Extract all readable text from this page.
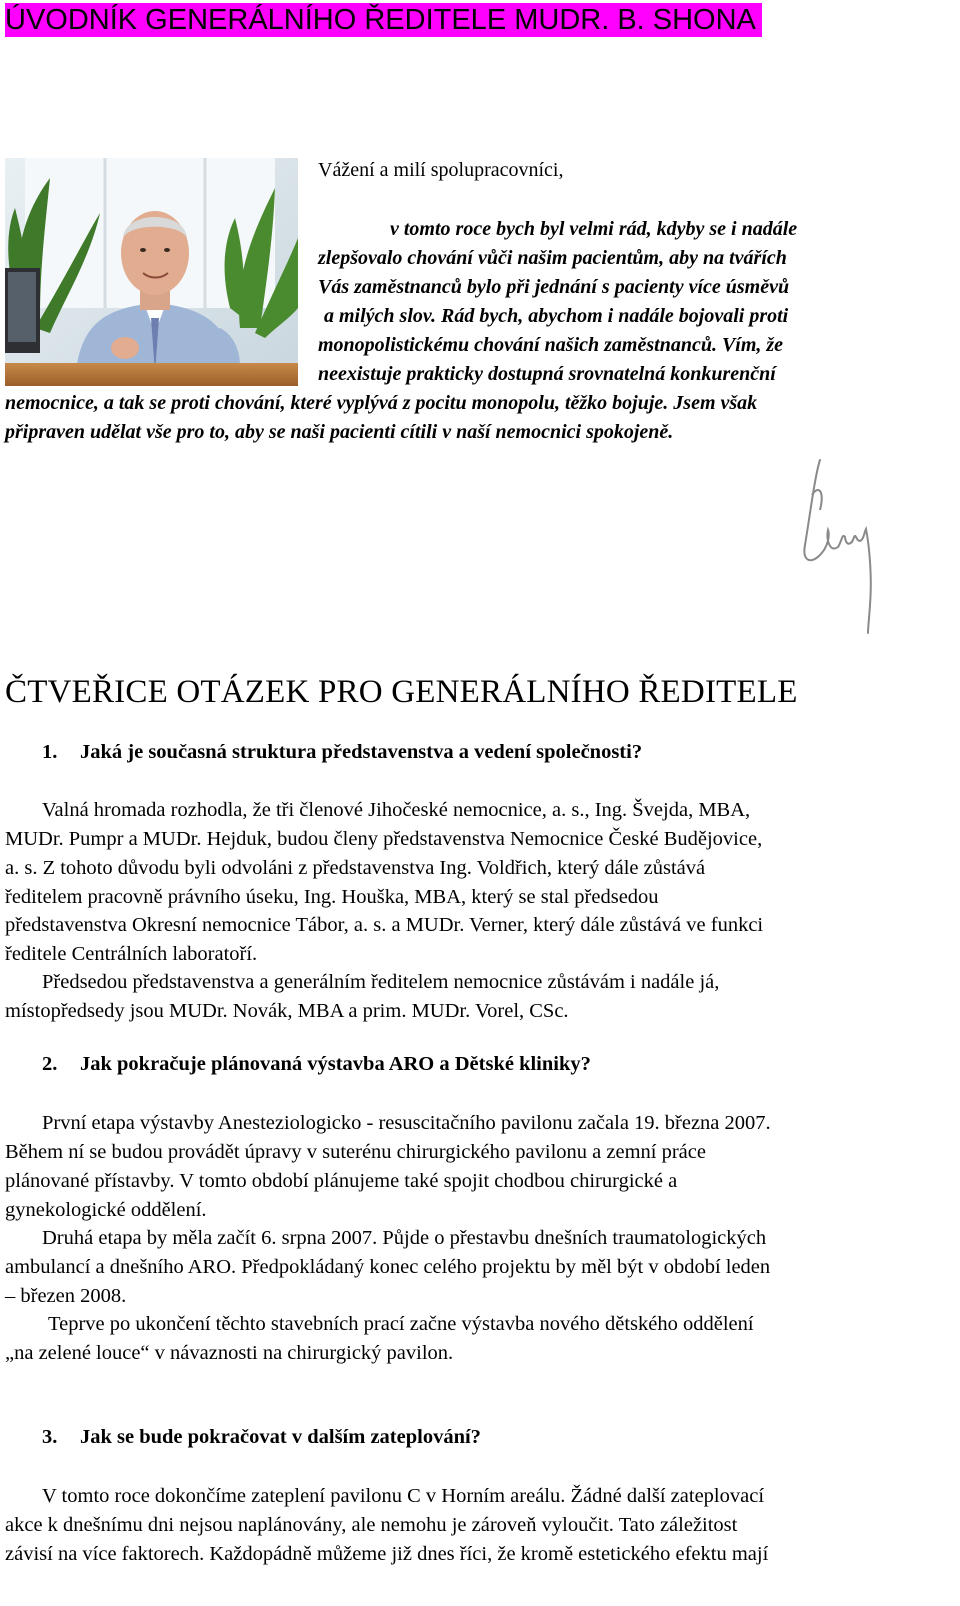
ÚVODNÍK GENERÁLNÍHO ŘEDITELE MUDR. B. SHONA
Vážení a milí spolupracovníci,
v tomto roce bych byl velmi rád, kdyby se i nadále
zlepšovalo chování vůči našim pacientům, aby na tvářích
Vás zaměstnanců bylo při jednání s pacienty více úsměvů
a milých slov. Rád bych, abychom i nadále bojovali proti
monopolistickému chování našich zaměstnanců. Vím, že
neexistuje prakticky dostupná srovnatelná konkurenční
nemocnice, a tak se proti chování, které vyplývá z pocitu monopolu, těžko bojuje. Jsem však
připraven udělat vše pro to, aby se naši pacienti cítili v naší nemocnici spokojeně.
ČTVEŘICE OTÁZEK PRO GENERÁLNÍHO ŘEDITELE
1. Jaká je současná struktura představenstva a vedení společnosti?
Valná hromada rozhodla, že tři členové Jihočeské nemocnice, a. s., Ing. Švejda, MBA,
MUDr. Pumpr a MUDr. Hejduk, budou členy představenstva Nemocnice České Budějovice,
a. s. Z tohoto důvodu byli odvoláni z představenstva Ing. Voldřich, který dále zůstává
ředitelem pracovně právního úseku, Ing. Houška, MBA, který se stal předsedou
představenstva Okresní nemocnice Tábor, a. s. a MUDr. Verner, který dále zůstává ve funkci
ředitele Centrálních laboratoří.
Předsedou představenstva a generálním ředitelem nemocnice zůstávám i nadále já,
místopředsedy jsou MUDr. Novák, MBA a prim. MUDr. Vorel, CSc.
2. Jak pokračuje plánovaná výstavba ARO a Dětské kliniky?
První etapa výstavby Anesteziologicko - resuscitačního pavilonu začala 19. března 2007.
Během ní se budou provádět úpravy v suterénu chirurgického pavilonu a zemní práce
plánované přístavby. V tomto období plánujeme také spojit chodbou chirurgické a
gynekologické oddělení.
Druhá etapa by měla začít 6. srpna 2007. Půjde o přestavbu dnešních traumatologických
ambulancí a dnešního ARO. Předpokládaný konec celého projektu by měl být v období leden
– březen 2008.
Teprve po ukončení těchto stavebních prací začne výstavba nového dětského oddělení
„na zelené louce“ v návaznosti na chirurgický pavilon.
3. Jak se bude pokračovat v dalším zateplování?
V tomto roce dokončíme zateplení pavilonu C v Horním areálu. Žádné další zateplovací
akce k dnešnímu dni nejsou naplánovány, ale nemohu je zároveň vyloučit. Tato záležitost
závisí na více faktorech. Každopádně můžeme již dnes říci, že kromě estetického efektu mají
